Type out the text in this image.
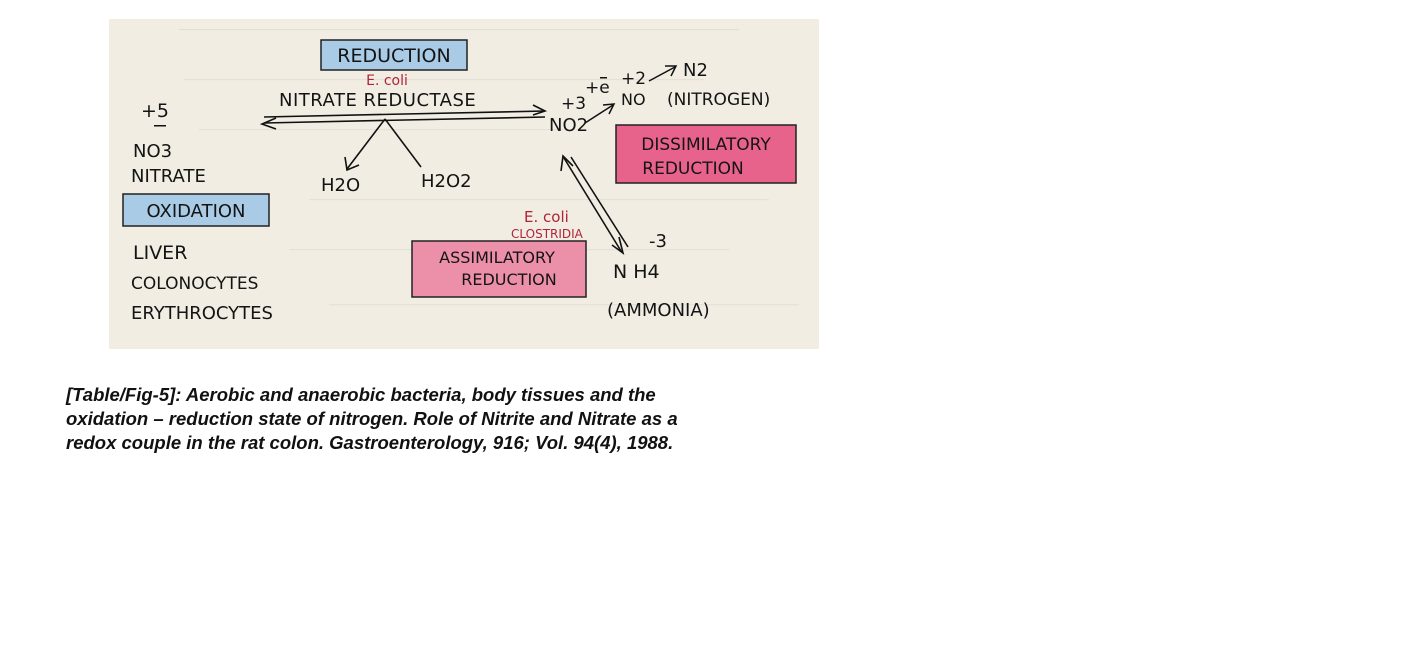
REDUCTION
E. coli
NITRATE REDUCTASE
+5
NO3
NITRATE	H2O	H2O2
OXIDATION
LIVER
COLONOCYTES
ERYTHROCYTES
+e
+3
NO2
+2
NO
N2
(NITROGEN)
DISSIMILATORY
REDUCTION
E. coli
CLOSTRIDIA
ASSIMILATORY
REDUCTION
-3
N H4
(AMMONIA)
[Table/Fig-5]: Aerobic and anaerobic bacteria, body tissues and the
oxidation – reduction state of nitrogen. Role of Nitrite and Nitrate as a
redox couple in the rat colon. Gastroenterology, 916; Vol. 94(4), 1988.
